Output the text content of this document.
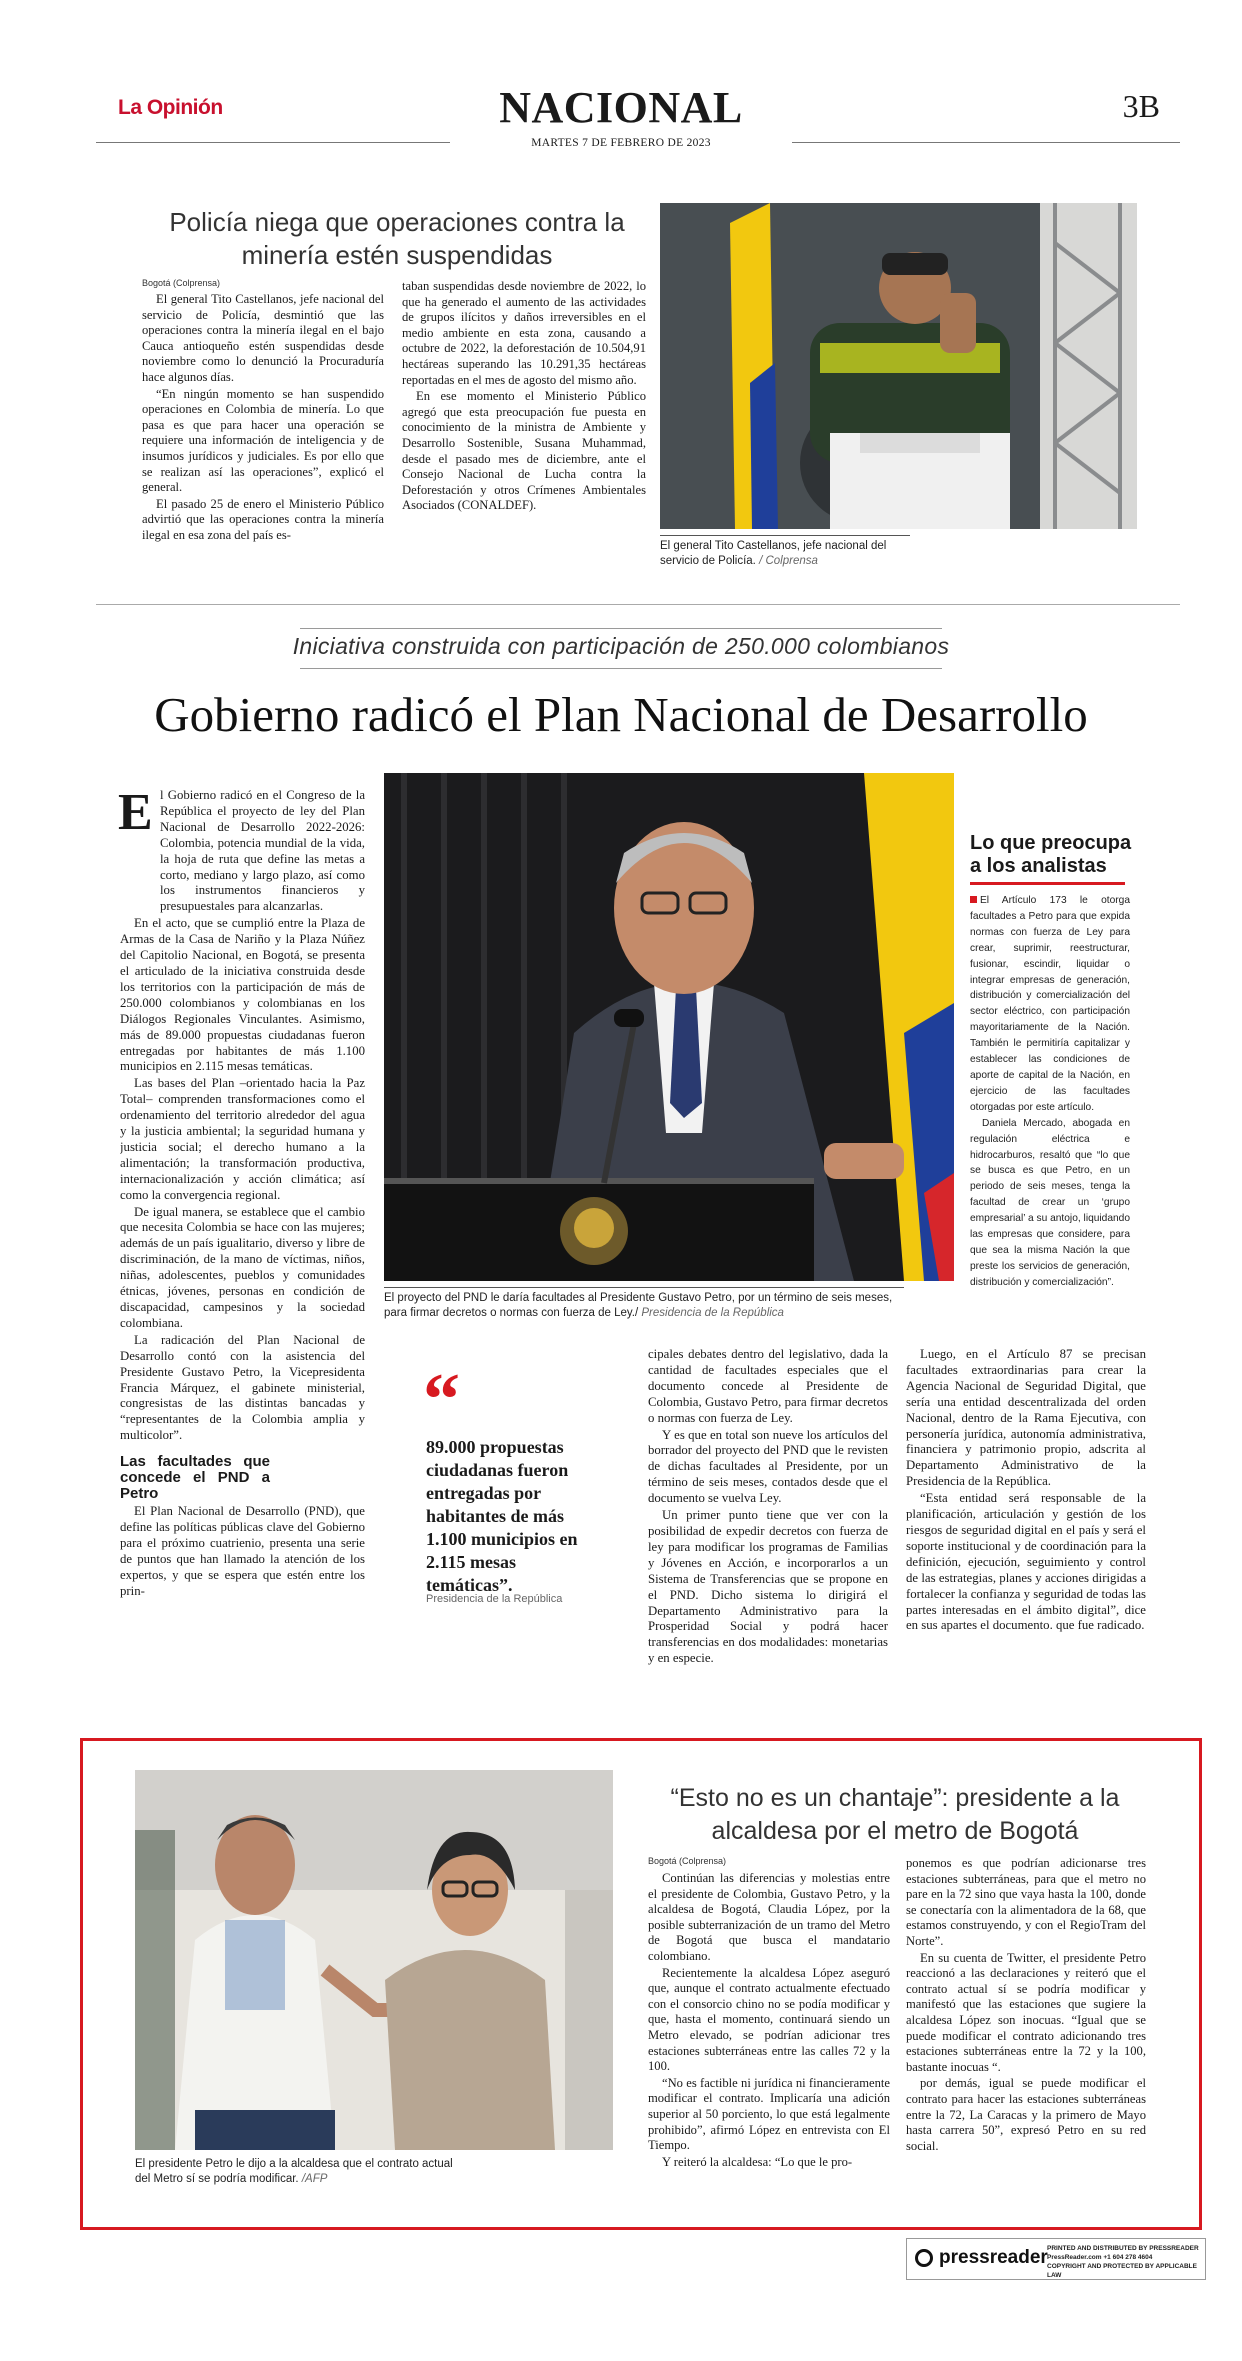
La Opinión	NACIONAL	3B
MARTES 7 DE FEBRERO DE 2023
Policía niega que operaciones contra la minería estén suspendidas
Bogotá (Colprensa)

El general Tito Castellanos, jefe nacional del servicio de Policía, desmintió que las operaciones contra la minería ilegal en el bajo Cauca antioqueño estén suspendidas desde noviembre como lo denunció la Procuraduría hace algunos días.

“En ningún momento se han suspendido operaciones en Colombia de minería. Lo que pasa es que para hacer una operación se requiere una información de inteligencia y de insumos jurídicos y judiciales. Es por ello que se realizan así las operaciones”, explicó el general.

El pasado 25 de enero el Ministerio Público advirtió que las operaciones contra la minería ilegal en esa zona del país es-

taban suspendidas desde noviembre de 2022, lo que ha generado el aumento de las actividades de grupos ilícitos y daños irreversibles en el medio ambiente en esta zona, causando a octubre de 2022, la deforestación de 10.504,91 hectáreas superando las 10.291,35 hectáreas reportadas en el mes de agosto del mismo año.

En ese momento el Ministerio Público agregó que esta preocupación fue puesta en conocimiento de la ministra de Ambiente y Desarrollo Sostenible, Susana Muhammad, desde el pasado mes de diciembre, ante el Consejo Nacional de Lucha contra la Deforestación y otros Crímenes Ambientales Asociados (CONALDEF).

El general Tito Castellanos, jefe nacional del servicio de Policía. / Colprensa
Iniciativa construida con participación de 250.000 colombianos
Gobierno radicó el Plan Nacional de Desarrollo
E l Gobierno radicó en el Congreso de la República el proyecto de ley del Plan Nacional de Desarrollo 2022-2026: Colombia, potencia mundial de la vida, la hoja de ruta que define las metas a corto, mediano y largo plazo, así como los instrumentos financieros y presupuestales para alcanzarlas.

En el acto, que se cumplió entre la Plaza de Armas de la Casa de Nariño y la Plaza Núñez del Capitolio Nacional, en Bogotá, se presenta el articulado de la iniciativa construida desde los territorios con la participación de más de 250.000 colombianos y colombianas en los Diálogos Regionales Vinculantes. Asimismo, más de 89.000 propuestas ciudadanas fueron entregadas por habitantes de más 1.100 municipios en 2.115 mesas temáticas.

Las bases del Plan –orientado hacia la Paz Total– comprenden transformaciones como el ordenamiento del territorio alrededor del agua y la justicia ambiental; la seguridad humana y justicia social; el derecho humano a la alimentación; la transformación productiva, internacionalización y acción climática; así como la convergencia regional.

De igual manera, se establece que el cambio que necesita Colombia se hace con las mujeres; además de un país igualitario, diverso y libre de discriminación, de la mano de víctimas, niños, niñas, adolescentes, pueblos y comunidades étnicas, jóvenes, personas en condición de discapacidad, campesinos y la sociedad colombiana.

La radicación del Plan Nacional de Desarrollo contó con la asistencia del Presidente Gustavo Petro, la Vicepresidenta Francia Márquez, el gabinete ministerial, congresistas de las distintas bancadas y “representantes de la Colombia amplia y multicolor”.

Las facultades que concede el PND a Petro

El Plan Nacional de Desarrollo (PND), que define las políticas públicas clave del Gobierno para el próximo cuatrienio, presenta una serie de puntos que han llamado la atención de los expertos, y que se espera que estén entre los prin-

El proyecto del PND le daría facultades al Presidente Gustavo Petro, por un término de seis meses, para firmar decretos o normas con fuerza de Ley./ Presidencia de la República
Lo que preocupa a los analistas

El Artículo 173 le otorga facultades a Petro para que expida normas con fuerza de Ley para crear, suprimir, reestructurar, fusionar, escindir, liquidar o integrar empresas de generación, distribución y comercialización del sector eléctrico, con participación mayoritariamente de la Nación. También le permitiría capitalizar y establecer las condiciones de aporte de capital de la Nación, en ejercicio de las facultades otorgadas por este artículo.

Daniela Mercado, abogada en regulación eléctrica e hidrocarburos, resaltó que “lo que se busca es que Petro, en un periodo de seis meses, tenga la facultad de crear un ‘grupo empresarial’ a su antojo, liquidando las empresas que considere, para que sea la misma Nación la que preste los servicios de generación, distribución y comercialización”.

“
89.000 propuestas ciudadanas fueron entregadas por habitantes de más 1.100 municipios en 2.115 mesas temáticas”.
Presidencia de la República

cipales debates dentro del legislativo, dada la cantidad de facultades especiales que el documento concede al Presidente de Colombia, Gustavo Petro, para firmar decretos o normas con fuerza de Ley.

Y es que en total son nueve los artículos del borrador del proyecto del PND que le revisten de dichas facultades al Presidente, por un término de seis meses, contados desde que el documento se vuelva Ley.

Un primer punto tiene que ver con la posibilidad de expedir decretos con fuerza de ley para modificar los programas de Familias y Jóvenes en Acción, e incorporarlos a un Sistema de Transferencias que se propone en el PND. Dicho sistema lo dirigirá el Departamento Administrativo para la Prosperidad Social y podrá hacer transferencias en dos modalidades: monetarias y en especie.

Luego, en el Artículo 87 se precisan facultades extraordinarias para crear la Agencia Nacional de Seguridad Digital, que sería una entidad descentralizada del orden Nacional, dentro de la Rama Ejecutiva, con personería jurídica, autonomía administrativa, financiera y patrimonio propio, adscrita al Departamento Administrativo de la Presidencia de la República.

“Esta entidad será responsable de la planificación, articulación y gestión de los riesgos de seguridad digital en el país y será el soporte institucional y de coordinación para la definición, ejecución, seguimiento y control de las estrategias, planes y acciones dirigidas a fortalecer la confianza y seguridad de todas las partes interesadas en el ámbito digital”, dice en sus apartes el documento. que fue radicado.

El presidente Petro le dijo a la alcaldesa que el contrato actual del Metro sí se podría modificar. /AFP
“Esto no es un chantaje”: presidente a la alcaldesa por el metro de Bogotá
Bogotá (Colprensa)

Continúan las diferencias y molestias entre el presidente de Colombia, Gustavo Petro, y la alcaldesa de Bogotá, Claudia López, por la posible subterranización de un tramo del Metro de Bogotá que busca el mandatario colombiano.

Recientemente la alcaldesa López aseguró que, aunque el contrato actualmente efectuado con el consorcio chino no se podía modificar y que, hasta el momento, continuará siendo un Metro elevado, se podrían adicionar tres estaciones subterráneas entre las calles 72 y la 100.

“No es factible ni jurídica ni financieramente modificar el contrato. Implicaría una adición superior al 50 porciento, lo que está legalmente prohibido”, afirmó López en entrevista con El Tiempo.

Y reiteró la alcaldesa: “Lo que le pro-

ponemos es que podrían adicionarse tres estaciones subterráneas, para que el metro no pare en la 72 sino que vaya hasta la 100, donde se conectaría con la alimentadora de la 68, que estamos construyendo, y con el RegioTram del Norte”.

En su cuenta de Twitter, el presidente Petro reaccionó a las declaraciones y reiteró que el contrato actual sí se podría modificar y manifestó que las estaciones que sugiere la alcaldesa López son inocuas. “Igual que se puede modificar el contrato adicionando tres estaciones subterráneas entre la 72 y la 100, bastante inocuas “.

por demás, igual se puede modificar el contrato para hacer las estaciones subterráneas entre la 72, La Caracas y la primero de Mayo hasta carrera 50”, expresó Petro en su red social.

pressreader PRINTED AND DISTRIBUTED BY PRESSREADER
PressReader.com +1 604 278 4604
COPYRIGHT AND PROTECTED BY APPLICABLE LAW
